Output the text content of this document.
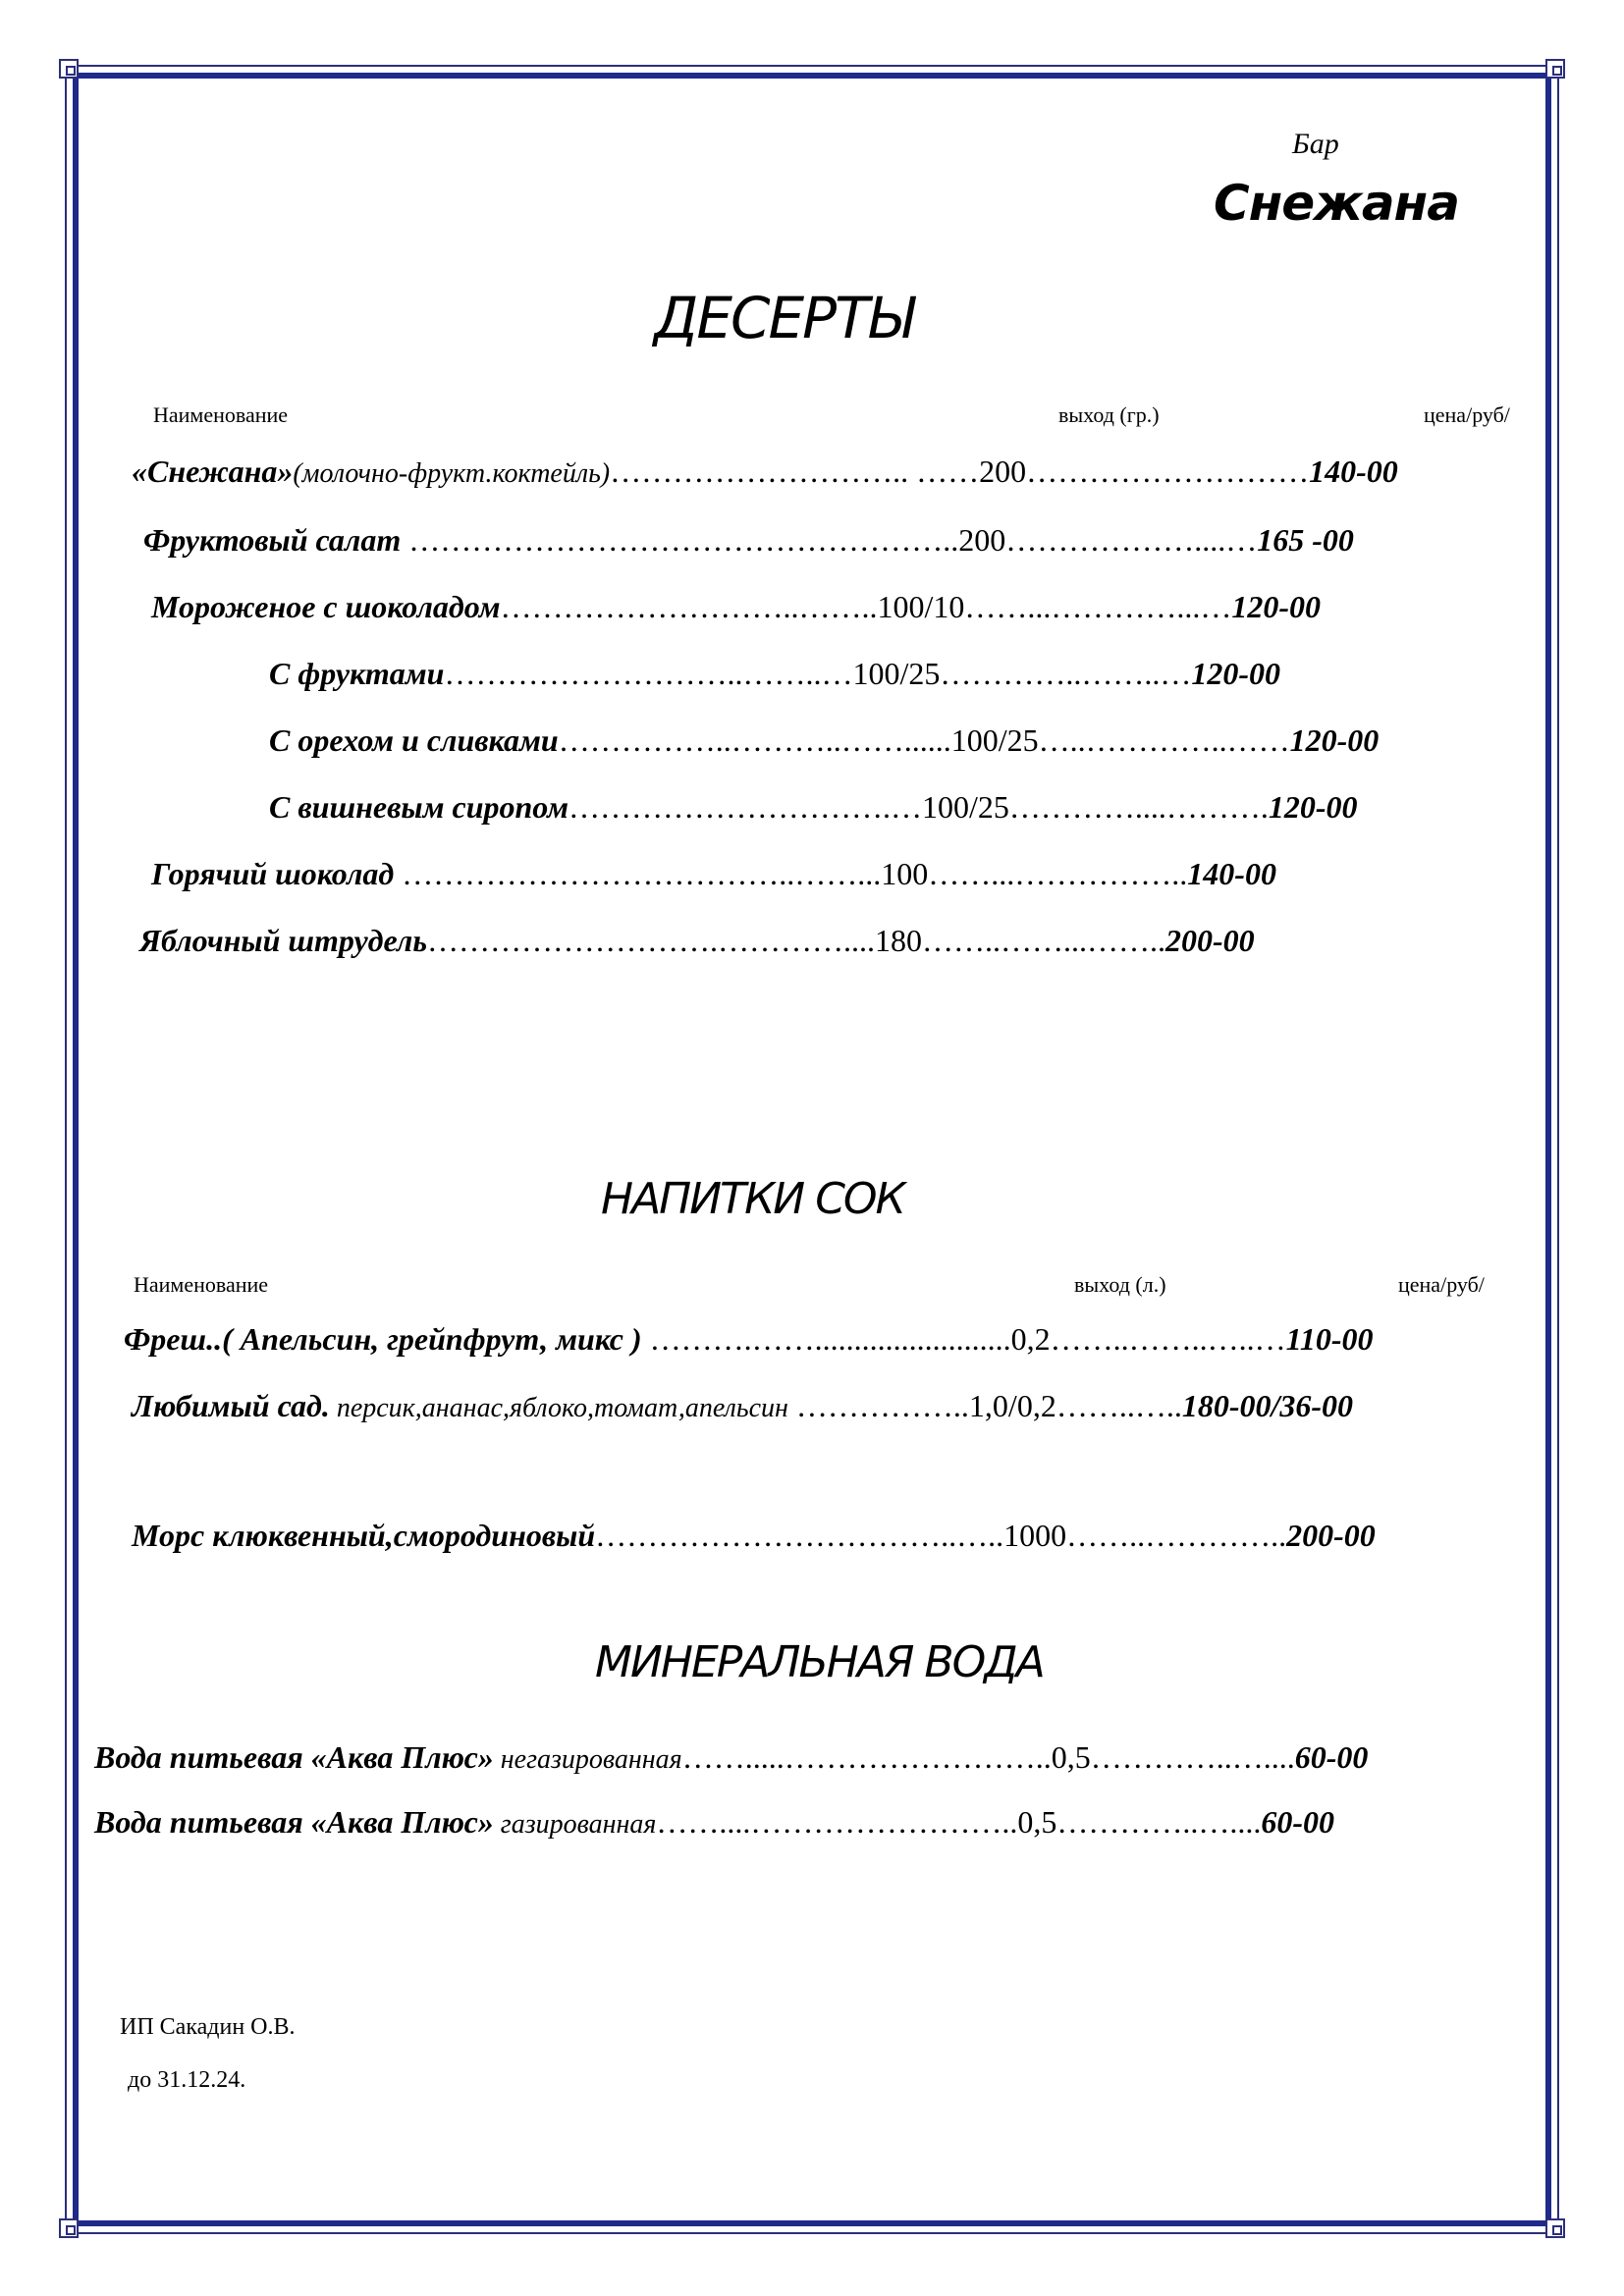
Бар
Снежана
ДЕСЕРТЫ
Наименование	выход (гр.)	цена/руб/
«Снежана»(молочно-фрукт.коктейль)……………………….. ……200………………………140-00
Фруктовый салат ……………………………………………..200………………....…165 -00
Мороженое с шоколадом………………………..……..100/10……...…………...…120-00
С фруктами………………………..……..…100/25…………..……..…120-00
С орехом и сливками……………..………..……......100/25…..…………..……120-00
С вишневым сиропом………………………….…100/25…………....……….120-00
Горячий шоколад ………………………………..……...100……...……………..140-00
Яблочный штрудель……………………….…………....180……..……...……..200-00
НАПИТКИ СОК
Наименование	выход (л.)	цена/руб/
Фреш..( Апельсин, грейпфрут, микс ) ……….…….........................0,2……..……..…..…110-00
Любимый сад. персик,ананас,яблоко,томат,апельсин ……………..1,0/0,2……..…..180-00/36-00
Морс клюквенный,смородиновый……………………………..…..1000……..…………..200-00
МИНЕРАЛЬНАЯ ВОДА
Вода питьевая «Аква Плюс» негазированная…….....……………………..0,5…………..…....60-00
Вода питьевая «Аква Плюс» газированная……....……………………..0,5…………..…....60-00
ИП Сакадин О.В.
до 31.12.24.
